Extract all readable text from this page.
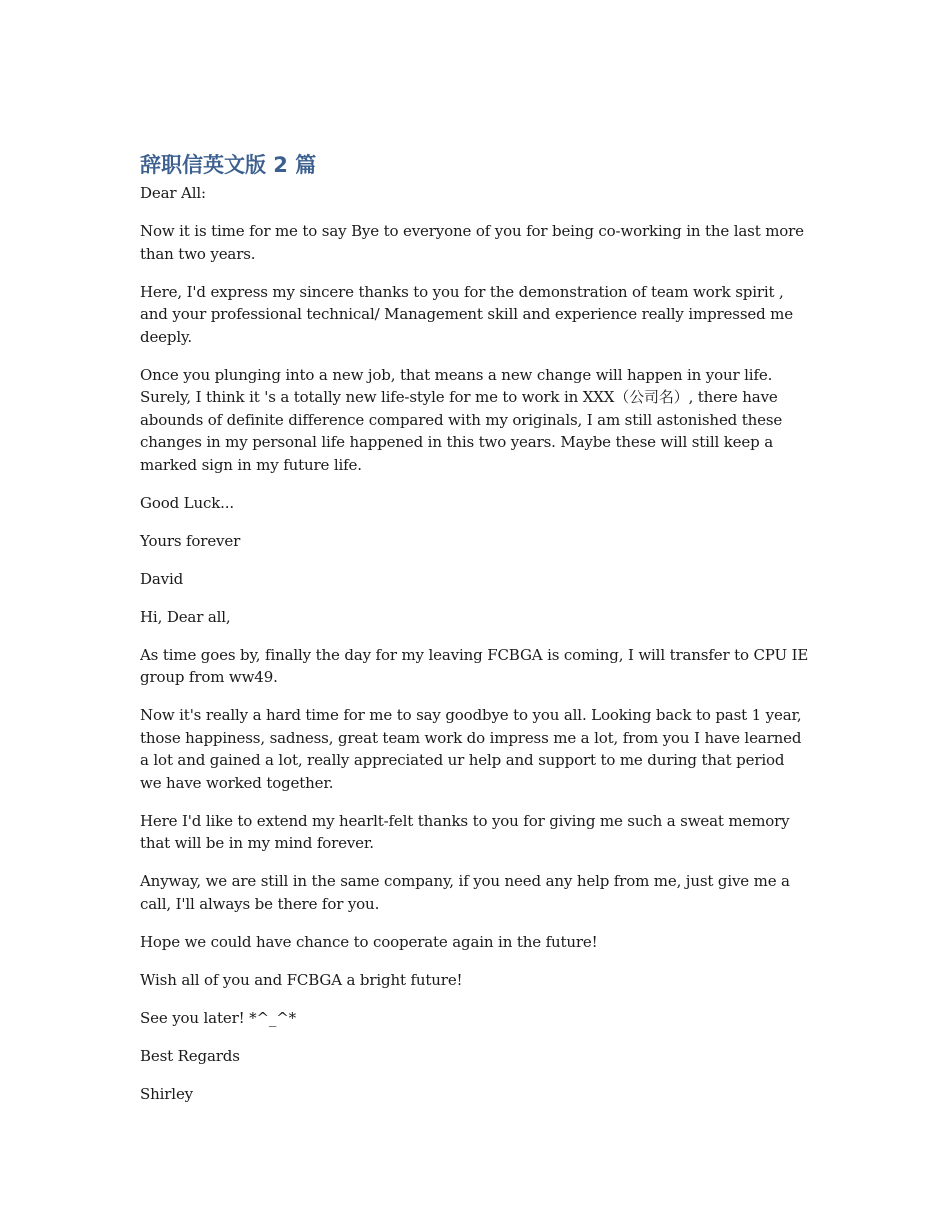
辞职信英文版 2 篇

Dear All:

Now it is time for me to say Bye to everyone of you for being co-working in the last more than two years.

Here, I'd express my sincere thanks to you for the demonstration of team work spirit , and your professional technical/ Management skill and experience really impressed me deeply.

Once you plunging into a new job, that means a new change will happen in your life. Surely, I think it 's a totally new life-style for me to work in XXX（公司名）, there have abounds of definite difference compared with my originals, I am still astonished these changes in my personal life happened in this two years. Maybe these will still keep a marked sign in my future life.

Good Luck...

Yours forever

David

Hi, Dear all,

As time goes by, finally the day for my leaving FCBGA is coming, I will transfer to CPU IE group from ww49.

Now it's really a hard time for me to say goodbye to you all. Looking back to past 1 year, those happiness, sadness, great team work do impress me a lot, from you I have learned a lot and gained a lot, really appreciated ur help and support to me during that period we have worked together.

Here I'd like to extend my hearlt-felt thanks to you for giving me such a sweat memory that will be in my mind forever.

Anyway, we are still in the same company, if you need any help from me, just give me a call, I'll always be there for you.

Hope we could have chance to cooperate again in the future!

Wish all of you and FCBGA a bright future!

See you later! *^_^*

Best Regards

Shirley
